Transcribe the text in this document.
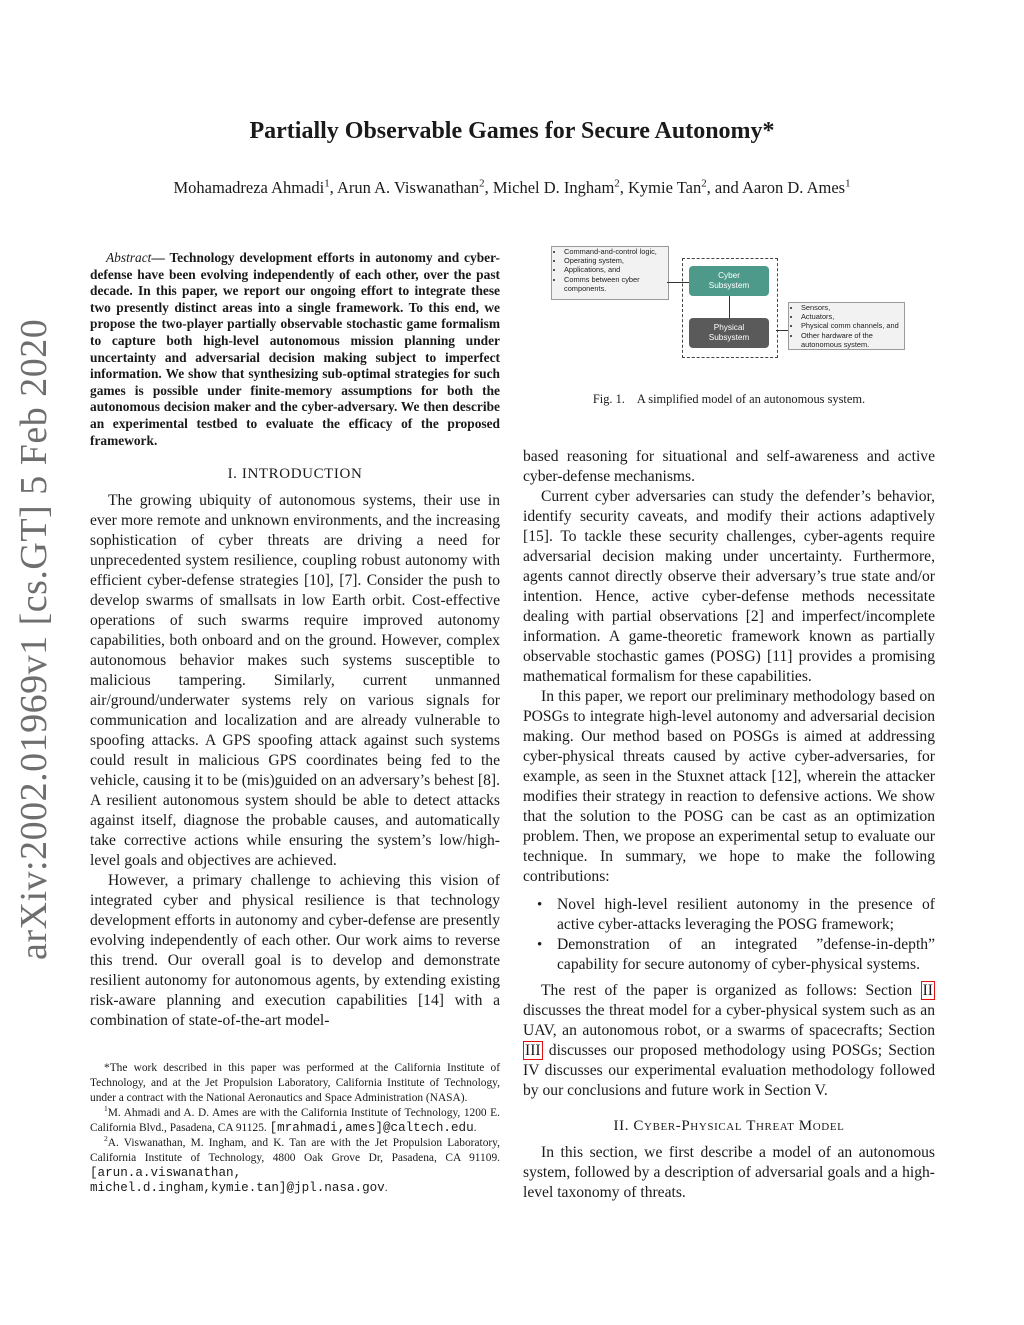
arXiv:2002.01969v1 [cs.GT] 5 Feb 2020
Partially Observable Games for Secure Autonomy*

Mohamadreza Ahmadi$^1$, Arun A. Viswanathan$^2$, Michel D. Ingham$^2$, Kymie Tan$^2$, and Aaron D. Ames$^1$

Abstract— Technology development efforts in autonomy and cyber-defense have been evolving independently of each other, over the past decade. In this paper, we report our ongoing effort to integrate these two presently distinct areas into a single framework. To this end, we propose the two-player partially observable stochastic game formalism to capture both high-level autonomous mission planning under uncertainty and adversarial decision making subject to imperfect information. We show that synthesizing sub-optimal strategies for such games is possible under finite-memory assumptions for both the autonomous decision maker and the cyber-adversary. We then describe an experimental testbed to evaluate the efficacy of the proposed framework.

I. INTRODUCTION

The growing ubiquity of autonomous systems, their use in ever more remote and unknown environments, and the increasing sophistication of cyber threats are driving a need for unprecedented system resilience, coupling robust autonomy with efficient cyber-defense strategies [10], [7]. Consider the push to develop swarms of smallsats in low Earth orbit. Cost-effective operations of such swarms require improved autonomy capabilities, both onboard and on the ground. However, complex autonomous behavior makes such systems susceptible to malicious tampering. Similarly, current unmanned air/ground/underwater systems rely on various signals for communication and localization and are already vulnerable to spoofing attacks. A GPS spoofing attack against such systems could result in malicious GPS coordinates being fed to the vehicle, causing it to be (mis)guided on an adversary’s behest [8]. A resilient autonomous system should be able to detect attacks against itself, diagnose the probable causes, and automatically take corrective actions while ensuring the system’s low/high-level goals and objectives are achieved.

However, a primary challenge to achieving this vision of integrated cyber and physical resilience is that technology development efforts in autonomy and cyber-defense are presently evolving independently of each other. Our work aims to reverse this trend. Our overall goal is to develop and demonstrate resilient autonomy for autonomous agents, by extending existing risk-aware planning and execution capabilities [14] with a combination of state-of-the-art model-

*The work described in this paper was performed at the California Institute of Technology, and at the Jet Propulsion Laboratory, California Institute of Technology, under a contract with the National Aeronautics and Space Administration (NASA).

$^1$M. Ahmadi and A. D. Ames are with the California Institute of Technology, 1200 E. California Blvd., Pasadena, CA 91125. [mrahmadi,ames]@caltech.edu.

$^2$A. Viswanathan, M. Ingham, and K. Tan are with the Jet Propulsion Laboratory, California Institute of Technology, 4800 Oak Grove Dr, Pasadena, CA 91109. [arun.a.viswanathan, michel.d.ingham,kymie.tan]@jpl.nasa.gov.

• Command-and-control logic,
• Operating system,
• Applications, and
• Comms between cyber components.
Cyber
Subsystem
Physical
Subsystem
• Sensors,
• Actuators,
• Physical comm channels, and
• Other hardware of the autonomous system.
Fig. 1. A simplified model of an autonomous system.

based reasoning for situational and self-awareness and active cyber-defense mechanisms.

Current cyber adversaries can study the defender’s behavior, identify security caveats, and modify their actions adaptively [15]. To tackle these security challenges, cyber-agents require adversarial decision making under uncertainty. Furthermore, agents cannot directly observe their adversary’s true state and/or intention. Hence, active cyber-defense methods necessitate dealing with partial observations [2] and imperfect/incomplete information. A game-theoretic framework known as partially observable stochastic games (POSG) [11] provides a promising mathematical formalism for these capabilities.

In this paper, we report our preliminary methodology based on POSGs to integrate high-level autonomy and adversarial decision making. Our method based on POSGs is aimed at addressing cyber-physical threats caused by active cyber-adversaries, for example, as seen in the Stuxnet attack [12], wherein the attacker modifies their strategy in reaction to defensive actions. We show that the solution to the POSG can be cast as an optimization problem. Then, we propose an experimental setup to evaluate our technique. In summary, we hope to make the following contributions:

• Novel high-level resilient autonomy in the presence of active cyber-attacks leveraging the POSG framework;
• Demonstration of an integrated ”defense-in-depth” capability for secure autonomy of cyber-physical systems.

The rest of the paper is organized as follows: Section II discusses the threat model for a cyber-physical system such as an UAV, an autonomous robot, or a swarms of spacecrafts; Section III discusses our proposed methodology using POSGs; Section IV discusses our experimental evaluation methodology followed by our conclusions and future work in Section V.

II. Cyber-Physical Threat Model

In this section, we first describe a model of an autonomous system, followed by a description of adversarial goals and a high-level taxonomy of threats.
